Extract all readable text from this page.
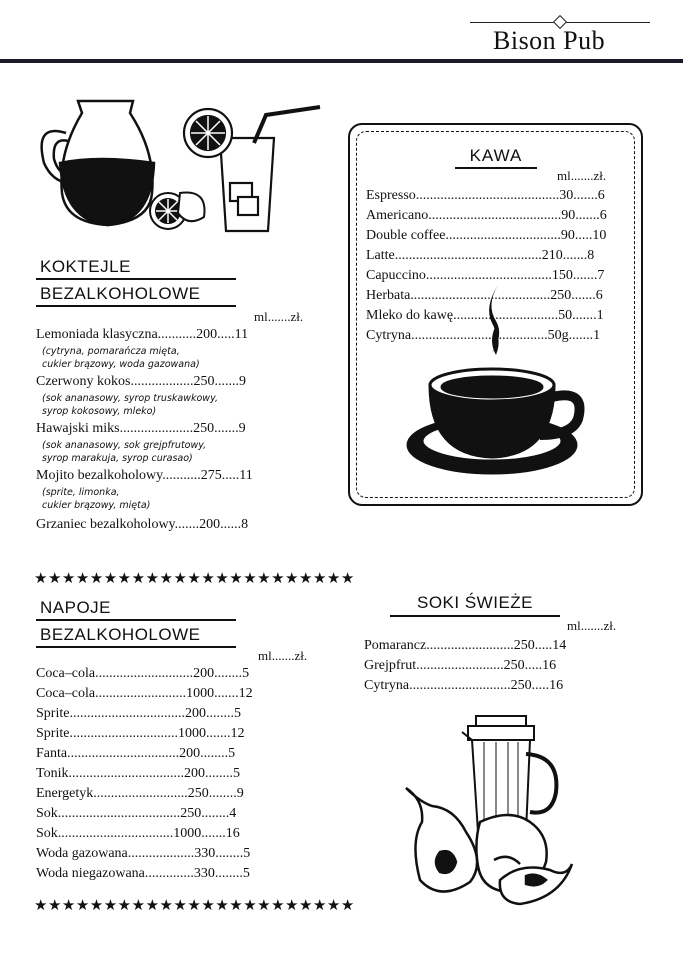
Bison Pub
KOKTEJLE
BEZALKOHOLOWE
ml.......zł.
Lemoniada klasyczna...........200.....11
(cytryna, pomarańcza mięta,
cukier brązowy, woda gazowana)
Czerwony kokos..................250.......9
(sok ananasowy, syrop truskawkowy,
syrop kokosowy, mleko)
Hawajski miks.....................250.......9
(sok ananasowy, sok grejpfrutowy,
syrop marakuja, syrop curasao)
Mojito bezalkoholowy...........275.....11
(sprite, limonka,
cukier brązowy, mięta)
Grzaniec bezalkoholowy.......200......8
★★★★★★★★★★★★★★★★★★★★★★★
NAPOJE
BEZALKOHOLOWE
ml.......zł.
Coca–cola............................200........5
Coca–cola..........................1000.......12
Sprite.................................200........5
Sprite...............................1000.......12
Fanta................................200........5
Tonik.................................200........5
Energetyk...........................250........9
Sok...................................250........4
Sok.................................1000.......16
Woda gazowana...................330........5
Woda niegazowana..............330........5
★★★★★★★★★★★★★★★★★★★★★★★
KAWA
ml.......zł.
Espresso.........................................30.......6
Americano......................................90.......6
Double coffee.................................90.....10
Latte..........................................210.......8
Capuccino....................................150.......7
Herbata........................................250.......6
Mleko do kawę..............................50.......1
Cytryna.......................................50g.......1
SOKI ŚWIEŻE
ml.......zł.
Pomarancz.........................250.....14
Grejpfrut.........................250.....16
Cytryna.............................250.....16
